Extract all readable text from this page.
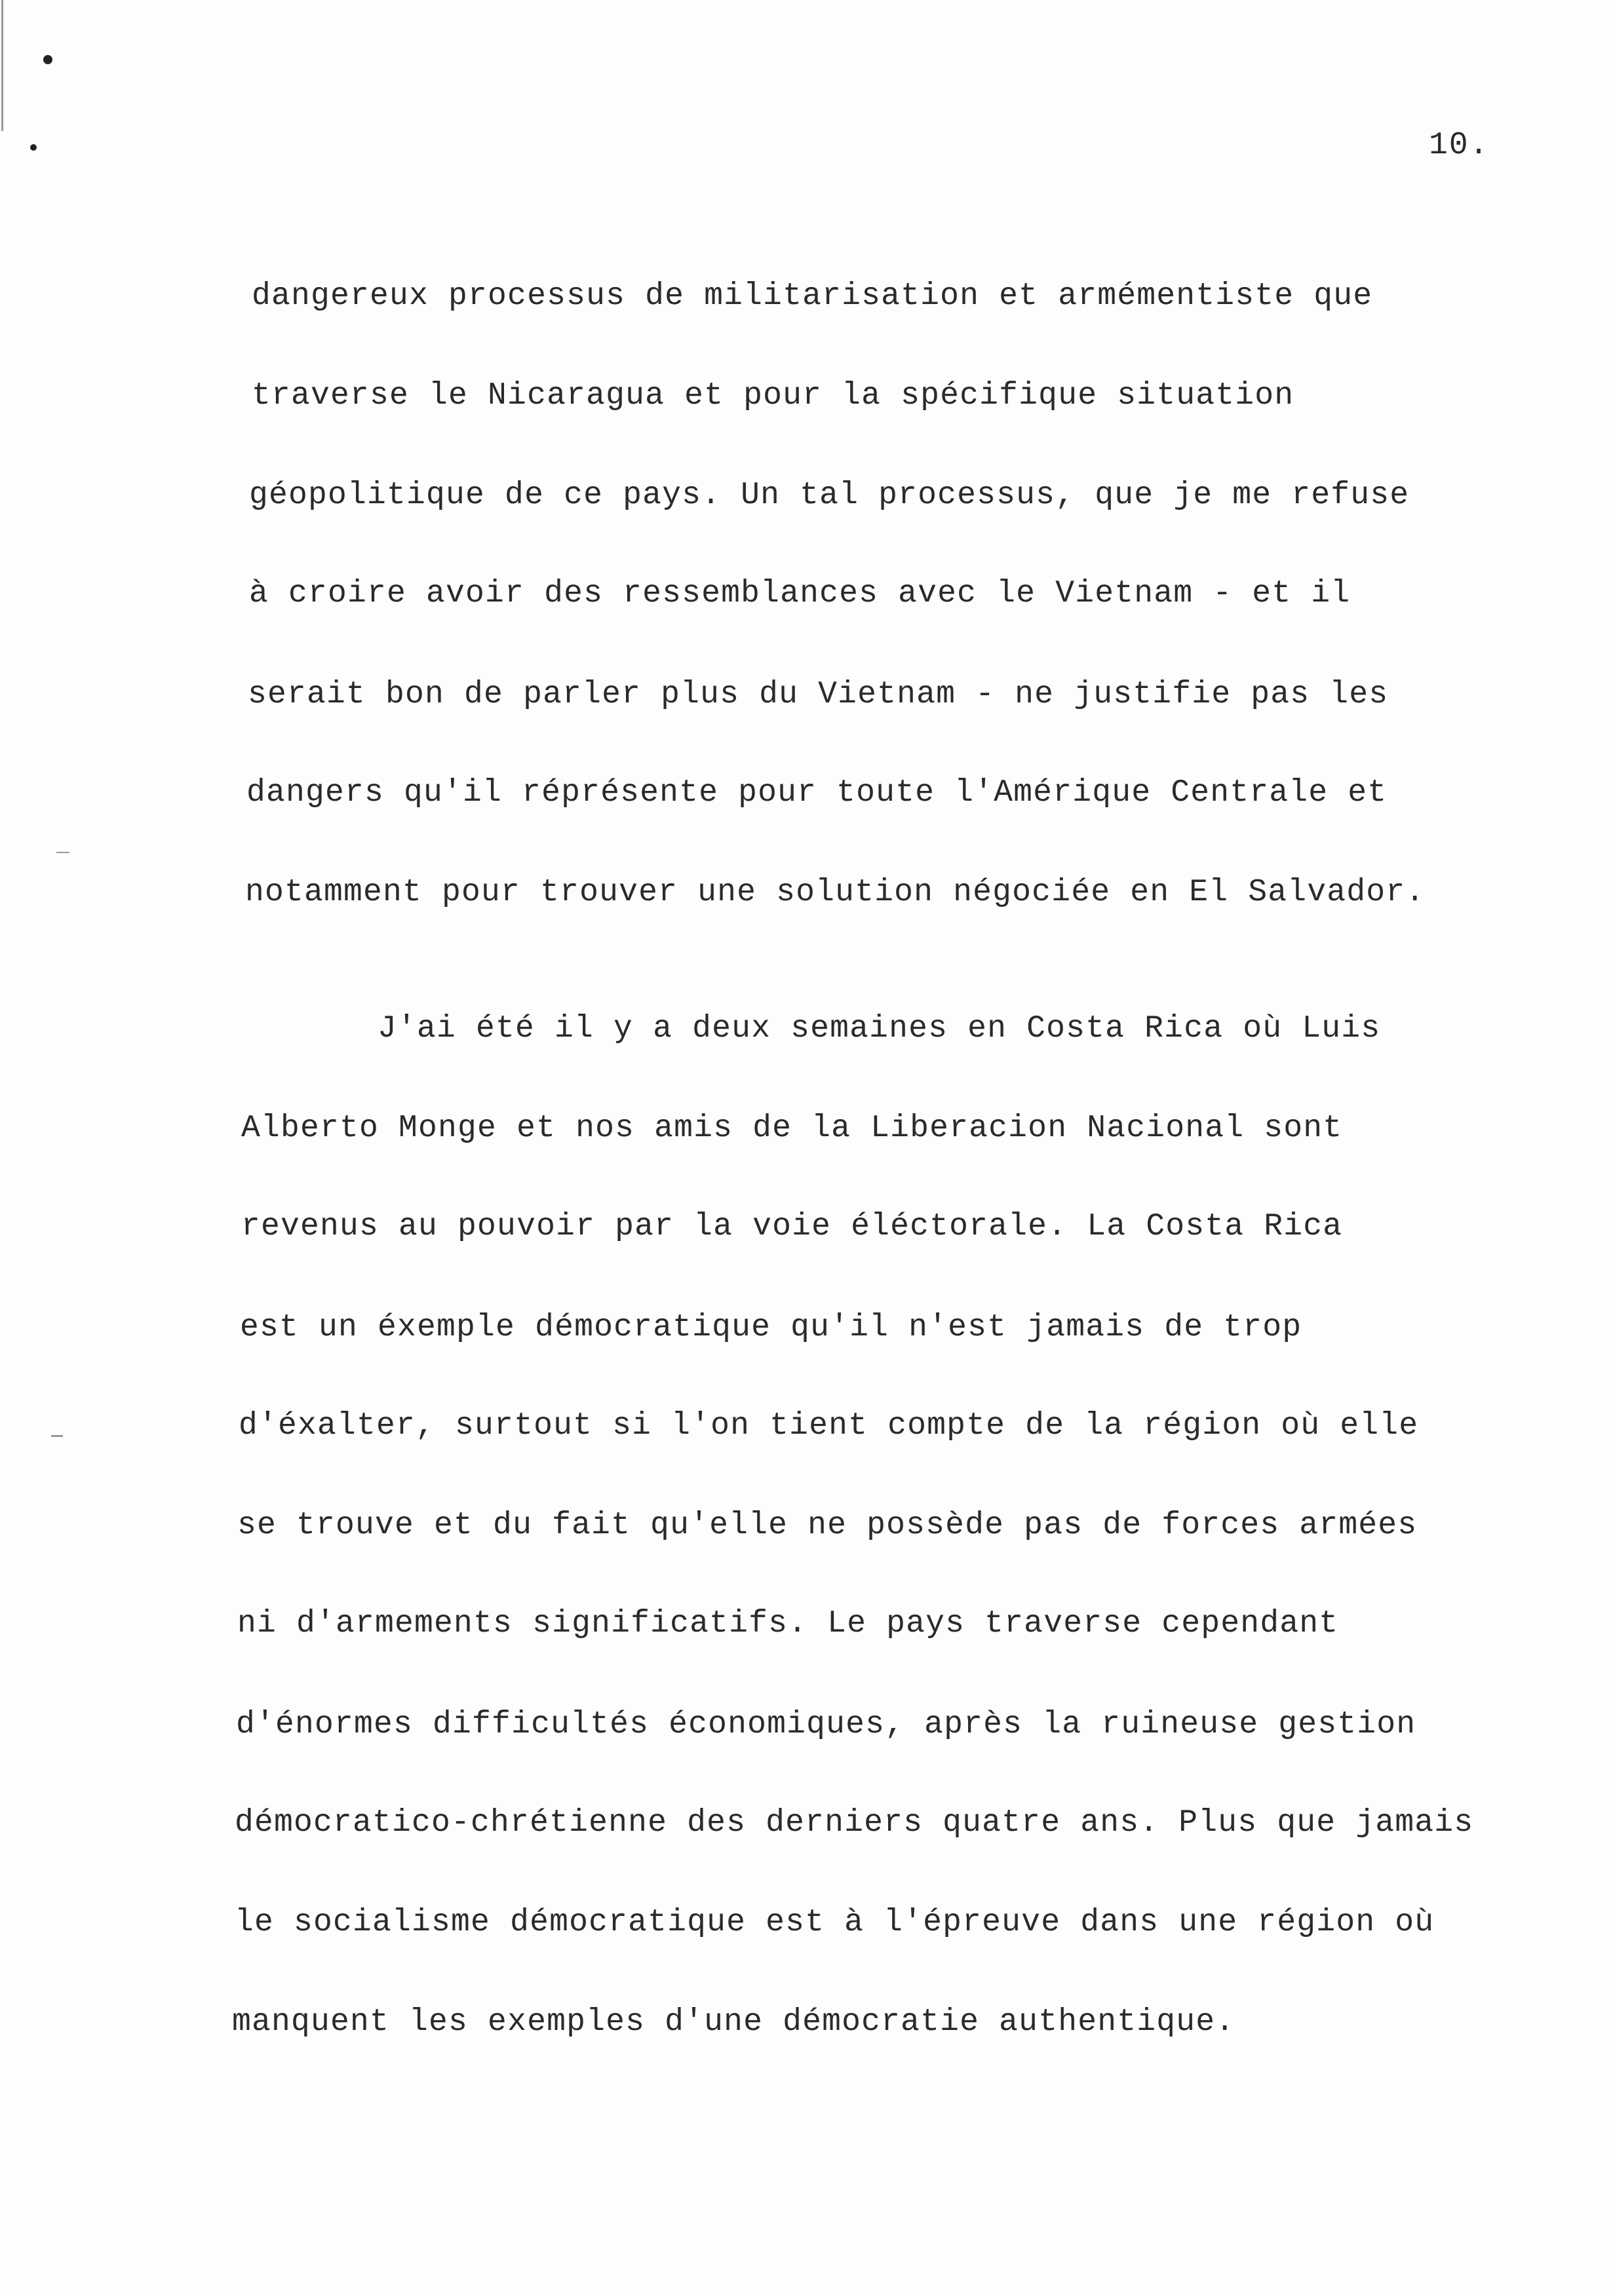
10.
dangereux processus de militarisation et armémentiste que
traverse le Nicaragua et pour la spécifique situation
géopolitique de ce pays. Un tal processus, que je me refuse
à croire avoir des ressemblances avec le Vietnam - et il
serait bon de parler plus du Vietnam - ne justifie pas les
dangers qu'il réprésente pour toute l'Amérique Centrale et
notamment pour trouver une solution négociée en El Salvador.
J'ai été il y a deux semaines en Costa Rica où Luis
Alberto Monge et nos amis de la Liberacion Nacional sont
revenus au pouvoir par la voie éléctorale. La Costa Rica
est un éxemple démocratique qu'il n'est jamais de trop
d'éxalter, surtout si l'on tient compte de la région où elle
se trouve et du fait qu'elle ne possède pas de forces armées
ni d'armements significatifs. Le pays traverse cependant
d'énormes difficultés économiques, après la ruineuse gestion
démocratico-chrétienne des derniers quatre ans. Plus que jamais
le socialisme démocratique est à l'épreuve dans une région où
manquent les exemples d'une démocratie authentique.
